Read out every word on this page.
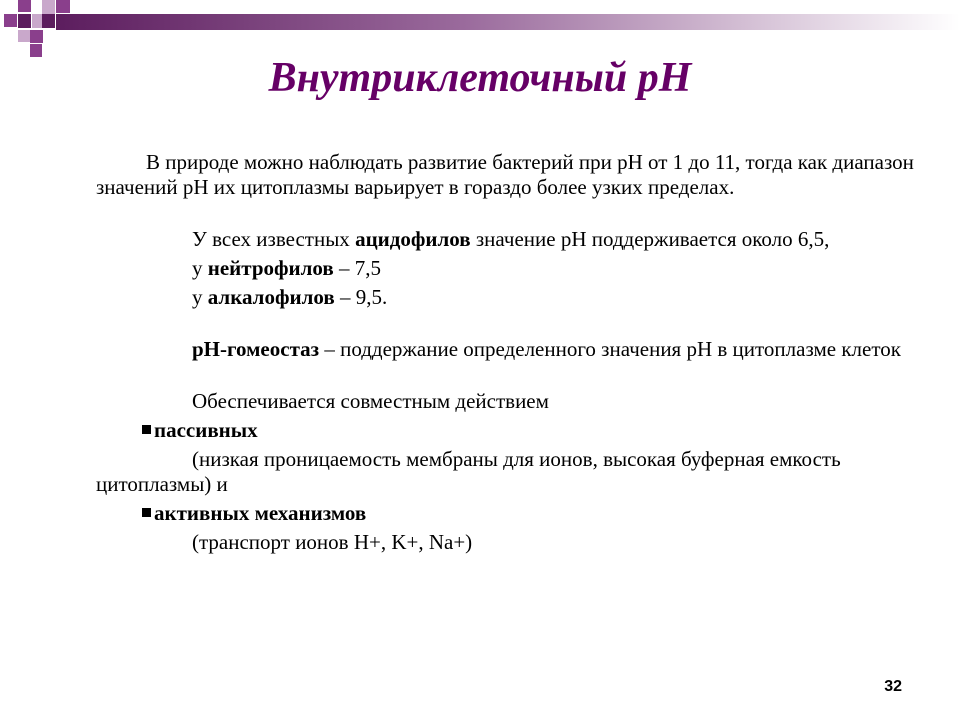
Внутриклеточный pH

В природе можно наблюдать развитие бактерий при pH от 1 до 11, тогда как диапазон значений pH их цитоплазмы варьирует в гораздо более узких пределах.

У всех известных ацидофилов значение pH поддерживается около 6,5,

у нейтрофилов – 7,5

у алкалофилов – 9,5.

pH-гомеостаз – поддержание определенного значения pH в цитоплазме клеток

Обеспечивается совместным действием

пассивных

(низкая проницаемость мембраны для ионов, высокая буферная емкость цитоплазмы) и

активных механизмов

(транспорт ионов H+, K+, Na+)

32
